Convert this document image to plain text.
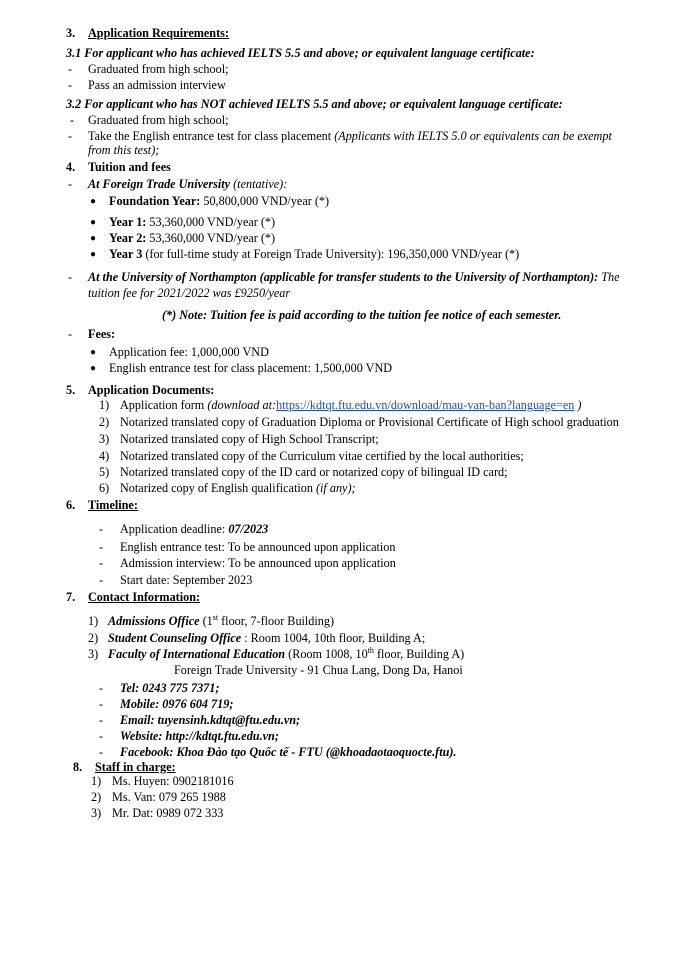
3. Application Requirements:
3.1 For applicant who has achieved IELTS 5.5 and above; or equivalent language certificate:
- Graduated from high school;
- Pass an admission interview
3.2 For applicant who has NOT achieved IELTS 5.5 and above; or equivalent language certificate:
- Graduated from high school;
- Take the English entrance test for class placement (Applicants with IELTS 5.0 or equivalents can be exempt
from this test);
4. Tuition and fees
- At Foreign Trade University (tentative):
● Foundation Year: 50,800,000 VND/year (*)
● Year 1: 53,360,000 VND/year (*)
● Year 2: 53,360,000 VND/year (*)
● Year 3 (for full-time study at Foreign Trade University): 196,350,000 VND/year (*)
- At the University of Northampton (applicable for transfer students to the University of Northampton): The
tuition fee for 2021/2022 was £9250/year
(*) Note: Tuition fee is paid according to the tuition fee notice of each semester.
- Fees:
● Application fee: 1,000,000 VND
● English entrance test for class placement: 1,500,000 VND
5. Application Documents:
1) Application form (download at:https://kdtqt.ftu.edu.vn/download/mau-van-ban?language=en )
2) Notarized translated copy of Graduation Diploma or Provisional Certificate of High school graduation
3) Notarized translated copy of High School Transcript;
4) Notarized translated copy of the Curriculum vitae certified by the local authorities;
5) Notarized translated copy of the ID card or notarized copy of bilingual ID card;
6) Notarized copy of English qualification (if any);
6. Timeline:
- Application deadline: 07/2023
- English entrance test: To be announced upon application
- Admission interview: To be announced upon application
- Start date: September 2023
7. Contact Information:
1) Admissions Office (1st floor, 7-floor Building)
2) Student Counseling Office : Room 1004, 10th floor, Building A;
3) Faculty of International Education (Room 1008, 10th floor, Building A)
Foreign Trade University - 91 Chua Lang, Dong Da, Hanoi
- Tel: 0243 775 7371;
- Mobile: 0976 604 719;
- Email: tuyensinh.kdtqt@ftu.edu.vn;
- Website: http://kdtqt.ftu.edu.vn;
- Facebook: Khoa Đào tạo Quốc tế - FTU (@khoadaotaoquocte.ftu).
8. Staff in charge:
1) Ms. Huyen: 0902181016
2) Ms. Van: 079 265 1988
3) Mr. Dat: 0989 072 333
